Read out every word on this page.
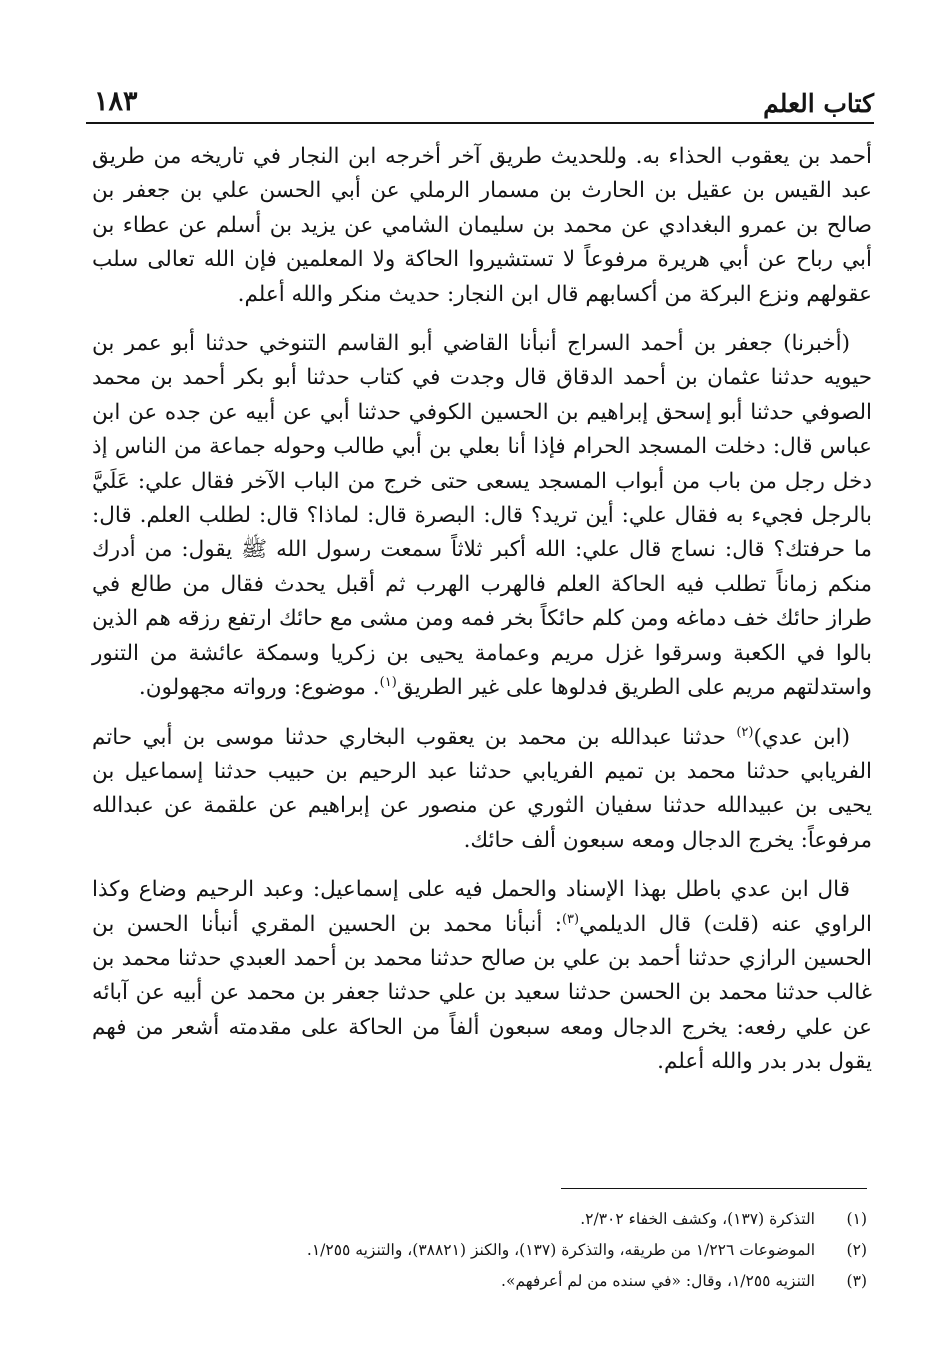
كتاب العلم
١٨٣

أحمد بن يعقوب الحذاء به. وللحديث طريق آخر أخرجه ابن النجار في تاريخه من طريق عبد القيس بن عقيل بن الحارث بن مسمار الرملي عن أبي الحسن علي بن جعفر بن صالح بن عمرو البغدادي عن محمد بن سليمان الشامي عن يزيد بن أسلم عن عطاء بن أبي رباح عن أبي هريرة مرفوعاً لا تستشيروا الحاكة ولا المعلمين فإن الله تعالى سلب عقولهم ونزع البركة من أكسابهم قال ابن النجار: حديث منكر والله أعلم.

(أخبرنا) جعفر بن أحمد السراج أنبأنا القاضي أبو القاسم التنوخي حدثنا أبو عمر بن حيويه حدثنا عثمان بن أحمد الدقاق قال وجدت في كتاب حدثنا أبو بكر أحمد بن محمد الصوفي حدثنا أبو إسحق إبراهيم بن الحسين الكوفي حدثنا أبي عن أبيه عن جده عن ابن عباس قال: دخلت المسجد الحرام فإذا أنا بعلي بن أبي طالب وحوله جماعة من الناس إذ دخل رجل من باب من أبواب المسجد يسعى حتى خرج من الباب الآخر فقال علي: عَلَيَّ بالرجل فجيء به فقال علي: أين تريد؟ قال: البصرة قال: لماذا؟ قال: لطلب العلم. قال: ما حرفتك؟ قال: نساج قال علي: الله أكبر ثلاثاً سمعت رسول الله ﷺ يقول: من أدرك منكم زماناً تطلب فيه الحاكة العلم فالهرب الهرب ثم أقبل يحدث فقال من طالع في طراز حائك خف دماغه ومن كلم حائكاً بخر فمه ومن مشى مع حائك ارتفع رزقه هم الذين بالوا في الكعبة وسرقوا غزل مريم وعمامة يحيى بن زكريا وسمكة عائشة من التنور واستدلتهم مريم على الطريق فدلوها على غير الطريق$^{(١)}$. موضوع: ورواته مجهولون.

(ابن عدي)$^{(٢)}$ حدثنا عبدالله بن محمد بن يعقوب البخاري حدثنا موسى بن أبي حاتم الفريابي حدثنا محمد بن تميم الفريابي حدثنا عبد الرحيم بن حبيب حدثنا إسماعيل بن يحيى بن عبيدالله حدثنا سفيان الثوري عن منصور عن إبراهيم عن علقمة عن عبدالله مرفوعاً: يخرج الدجال ومعه سبعون ألف حائك.

قال ابن عدي باطل بهذا الإسناد والحمل فيه على إسماعيل: وعبد الرحيم وضاع وكذا الراوي عنه (قلت) قال الديلمي$^{(٣)}$: أنبأنا محمد بن الحسين المقري أنبأنا الحسن بن الحسين الرازي حدثنا أحمد بن علي بن صالح حدثنا محمد بن أحمد العبدي حدثنا محمد بن غالب حدثنا محمد بن الحسن حدثنا سعيد بن علي حدثنا جعفر بن محمد عن أبيه عن آبائه عن علي رفعه: يخرج الدجال ومعه سبعون ألفاً من الحاكة على مقدمته أشعر من فهم يقول بدر بدر والله أعلم.

(١)التذكرة (١٣٧)، وكشف الخفاء ٢/٣٠٢.
(٢)الموضوعات ١/٢٢٦ من طريقه، والتذكرة (١٣٧)، والكنز (٣٨٨٢١)، والتنزيه ١/٢٥٥.
(٣)التنزيه ١/٢٥٥، وقال: «في سنده من لم أعرفهم».
